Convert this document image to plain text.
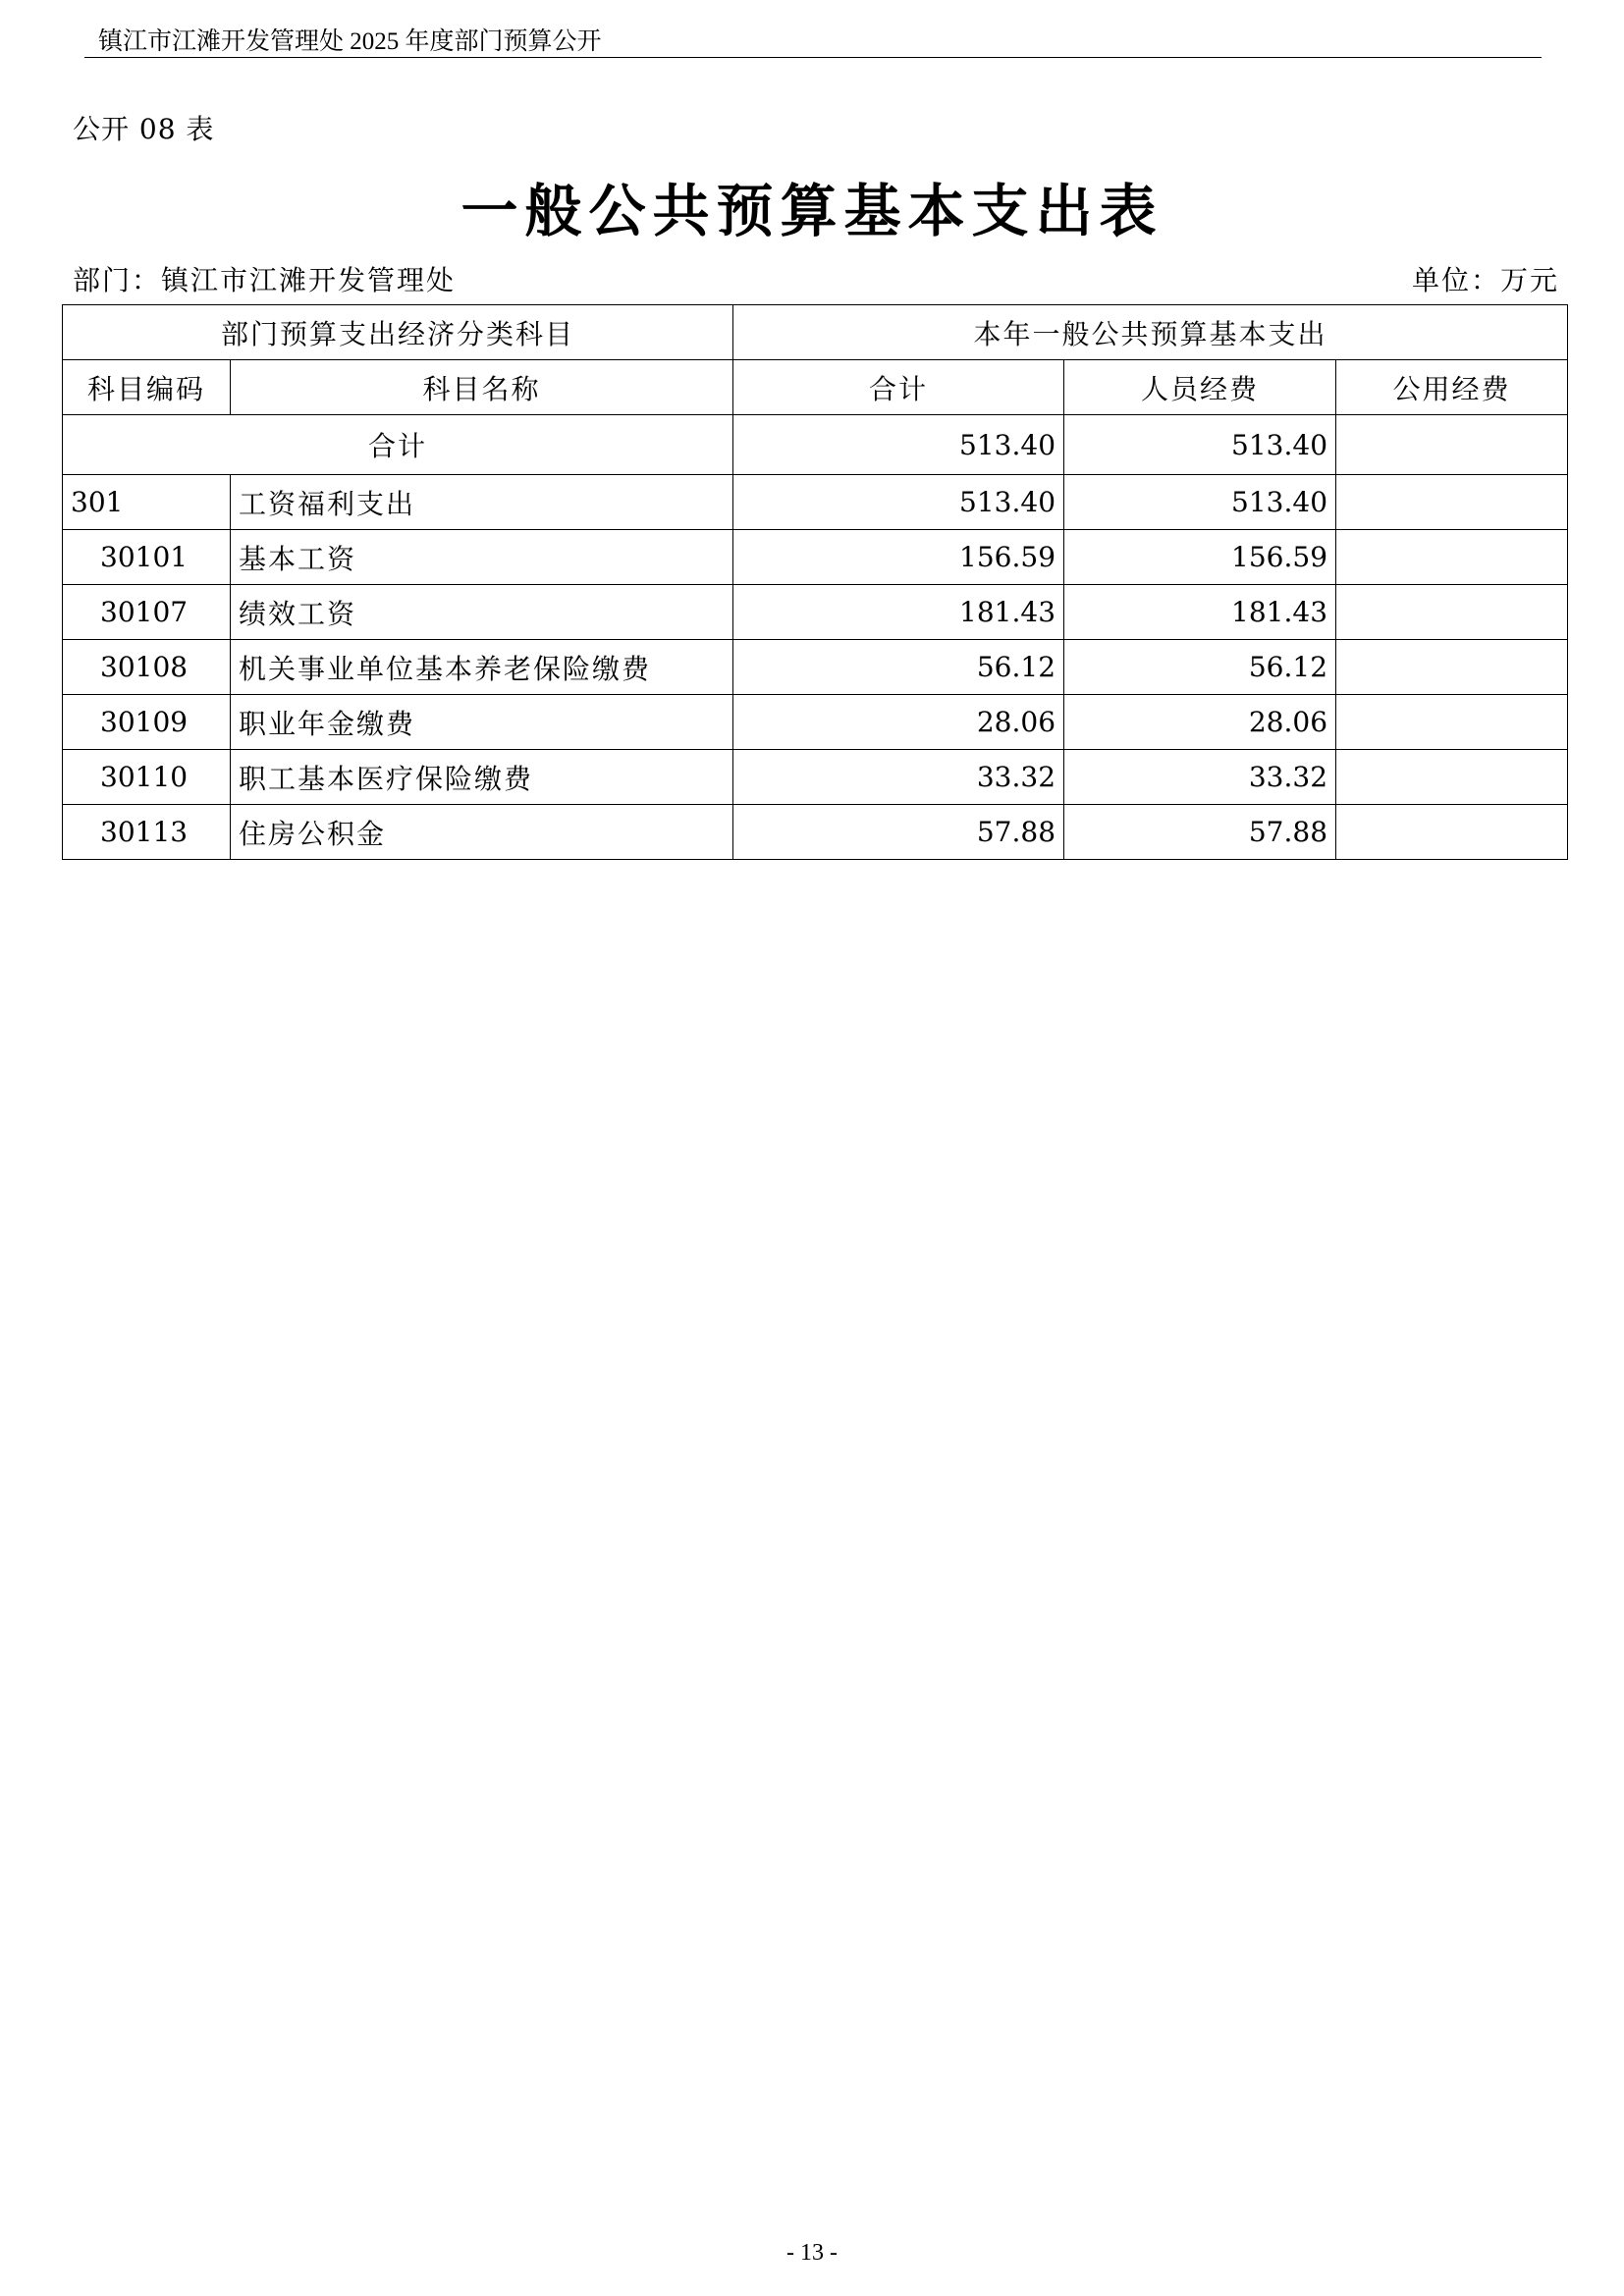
镇江市江滩开发管理处 2025 年度部门预算公开
公开 08 表
一般公共预算基本支出表
部门：镇江市江滩开发管理处	单位：万元
部门预算支出经济分类科目		本年一般公共预算基本支出		
科目编码	科目名称	合计	人员经费	公用经费
合计		513.40	513.40	
301	工资福利支出	513.40	513.40	
30101	基本工资	156.59	156.59	
30107	绩效工资	181.43	181.43	
30108	机关事业单位基本养老保险缴费	56.12	56.12	
30109	职业年金缴费	28.06	28.06	
30110	职工基本医疗保险缴费	33.32	33.32	
30113	住房公积金	57.88	57.88	
- 13 -
